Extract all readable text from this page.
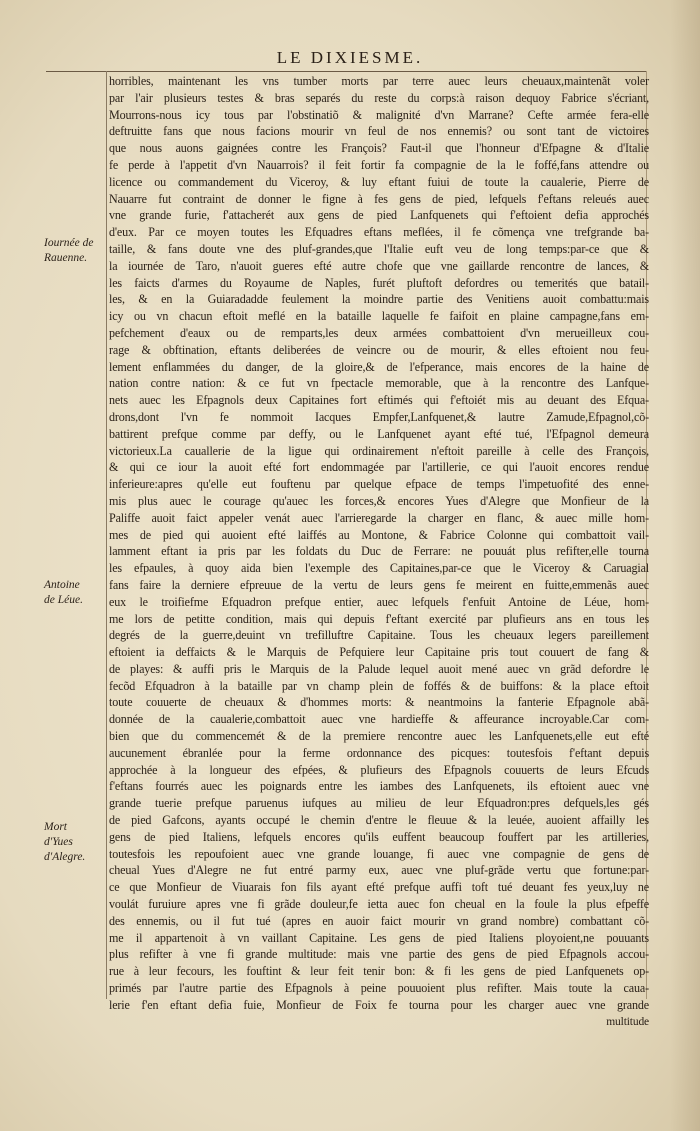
LE DIXIESME.
Iournée de
Rauenne.
Antoine
de Léue.
Mort
d'Yues
d'Alegre.
horribles, maintenant les vns tumber morts par terre auec leurs cheuaux,maintenãt voler
par l'air plusieurs testes & bras separés du reste du corps:à raison dequoy Fabrice s'écriant,
Mourrons-nous icy tous par l'obstinatiõ & malignité d'vn Marrane? Cefte armée fera-elle
deftruitte fans que nous facions mourir vn feul de nos ennemis? ou sont tant de victoires
que nous auons gaignées contre les François? Faut-il que l'honneur d'Efpagne & d'Italie
fe perde à l'appetit d'vn Nauarrois? il feit fortir fa compagnie de la le foffé,fans attendre ou
licence ou commandement du Viceroy, & luy eftant fuiui de toute la caualerie, Pierre de
Nauarre fut contraint de donner le figne à fes gens de pied, lefquels f'eftans releués auec
vne grande furie, f'attacherét aux gens de pied Lanfquenets qui f'eftoient defia approchés
d'eux. Par ce moyen toutes les Efquadres eftans meflées, il fe cõmença vne trefgrande ba-
taille, & fans doute vne des pluf-grandes,que l'Italie euft veu de long temps:par-ce que &
la iournée de Taro, n'auoit gueres efté autre chofe que vne gaillarde rencontre de lances, &
les faicts d'armes du Royaume de Naples, furét pluftoft defordres ou temerités que batail-
les, & en la Guiaradadde feulement la moindre partie des Venitiens auoit combattu:mais
icy ou vn chacun eftoit meflé en la bataille laquelle fe faifoit en plaine campagne,fans em-
pefchement d'eaux ou de remparts,les deux armées combattoient d'vn merueilleux cou-
rage & obftination, eftants deliberées de veincre ou de mourir, & elles eftoient nou feu-
lement enflammées du danger, de la gloire,& de l'efperance, mais encores de la haine de
nation contre nation: & ce fut vn fpectacle memorable, que à la rencontre des Lanfque-
nets auec les Efpagnols deux Capitaines fort eftimés qui f'eftoiét mis au deuant des Efqua-
drons,dont l'vn fe nommoit Iacques Empfer,Lanfquenet,& lautre Zamude,Efpagnol,cõ-
battirent prefque comme par deffy, ou le Lanfquenet ayant efté tué, l'Efpagnol demeura
victorieux.La cauallerie de la ligue qui ordinairement n'eftoit pareille à celle des François,
& qui ce iour la auoit efté fort endommagée par l'artillerie, ce qui l'auoit encores rendue
inferieure:apres qu'elle eut fouftenu par quelque efpace de temps l'impetuofité des enne-
mis plus auec le courage qu'auec les forces,& encores Yues d'Alegre que Monfieur de la
Paliffe auoit faict appeler venát auec l'arrieregarde la charger en flanc, & auec mille hom-
mes de pied qui auoient efté laiffés au Montone, & Fabrice Colonne qui combattoit vail-
lamment eftant ia pris par les foldats du Duc de Ferrare: ne pouuát plus refifter,elle tourna
les efpaules, à quoy aida bien l'exemple des Capitaines,par-ce que le Viceroy & Caruagial
fans faire la derniere efpreuue de la vertu de leurs gens fe meirent en fuitte,emmenãs auec
eux le troifiefme Efquadron prefque entier, auec lefquels f'enfuit Antoine de Léue, hom-
me lors de petitte condition, mais qui depuis f'eftant exercité par plufieurs ans en tous les
degrés de la guerre,deuint vn trefilluftre Capitaine. Tous les cheuaux legers pareillement
eftoient ia deffaicts & le Marquis de Pefquiere leur Capitaine pris tout couuert de fang &
de playes: & auffi pris le Marquis de la Palude lequel auoit mené auec vn grãd defordre le
fecõd Efquadron à la bataille par vn champ plein de foffés & de buiffons: & la place eftoit
toute couuerte de cheuaux & d'hommes morts: & neantmoins la fanterie Efpagnole abã-
donnée de la caualerie,combattoit auec vne hardieffe & affeurance incroyable.Car com-
bien que du commencemét & de la premiere rencontre auec les Lanfquenets,elle eut efté
aucunement ébranlée pour la ferme ordonnance des picques: toutesfois f'eftant depuis
approchée à la longueur des efpées, & plufieurs des Efpagnols couuerts de leurs Efcuds
f'eftans fourrés auec les poignards entre les iambes des Lanfquenets, ils eftoient auec vne
grande tuerie prefque paruenus iufques au milieu de leur Efquadron:pres defquels,les gés
de pied Gafcons, ayants occupé le chemin d'entre le fleuue & la leuée, auoient affailly les
gens de pied Italiens, lefquels encores qu'ils euffent beaucoup fouffert par les artilleries,
toutesfois les repoufoient auec vne grande louange, fi auec vne compagnie de gens de
cheual Yues d'Alegre ne fut entré parmy eux, auec vne pluf-grãde vertu que fortune:par-
ce que Monfieur de Viuarais fon fils ayant efté prefque auffi toft tué deuant fes yeux,luy ne
voulát furuiure apres vne fi grãde douleur,fe ietta auec fon cheual en la foule la plus efpeffe
des ennemis, ou il fut tué (apres en auoir faict mourir vn grand nombre) combattant cõ-
me il appartenoit à vn vaillant Capitaine. Les gens de pied Italiens ployoient,ne pouuants
plus refifter à vne fi grande multitude: mais vne partie des gens de pied Efpagnols accou-
rue à leur fecours, les fouftint & leur feit tenir bon: & fi les gens de pied Lanfquenets op-
primés par l'autre partie des Efpagnols à peine pouuoient plus refifter. Mais toute la caua-
lerie f'en eftant defia fuie, Monfieur de Foix fe tourna pour les charger auec vne grande
multitude
